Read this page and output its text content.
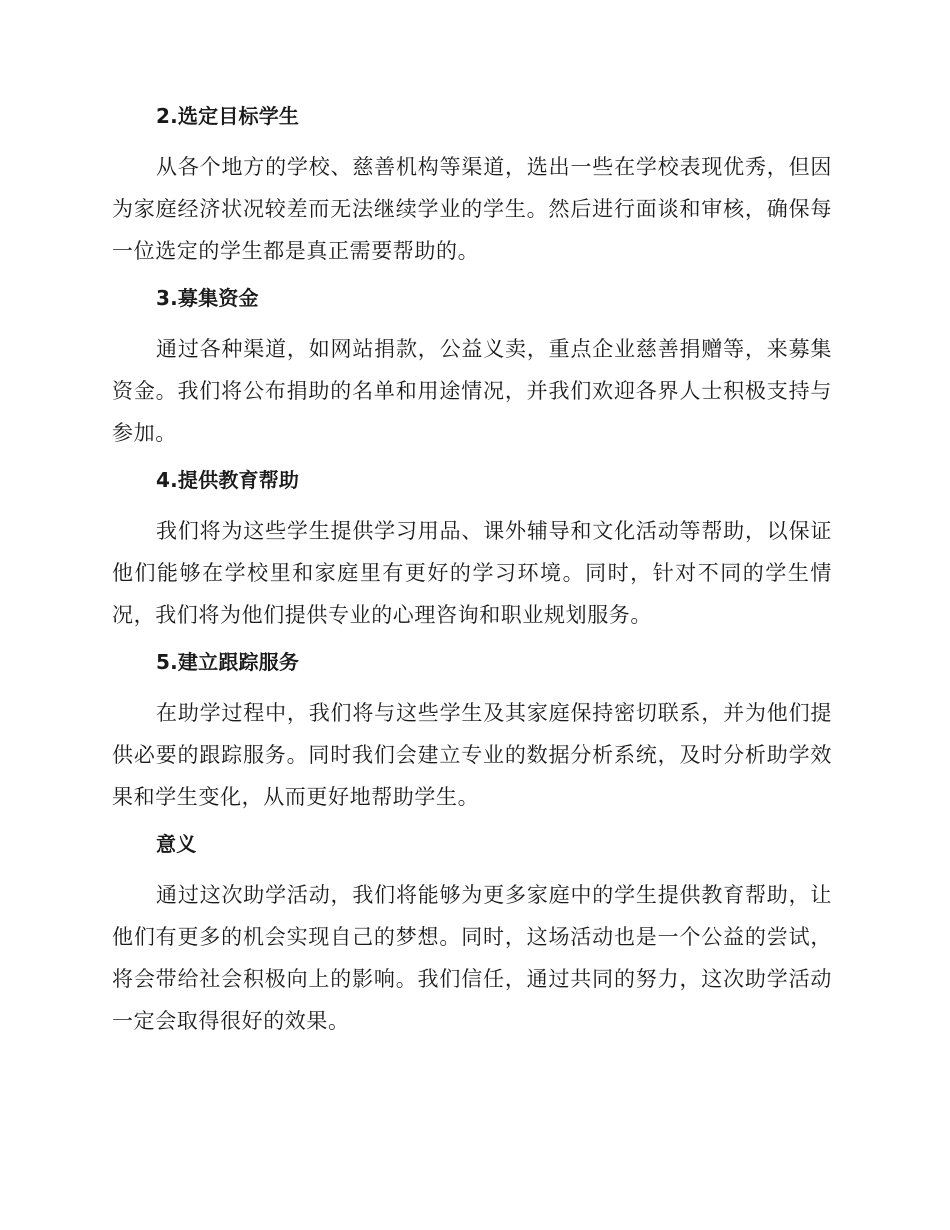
2.选定目标学生

从各个地方的学校、慈善机构等渠道，选出一些在学校表现优秀，但因为家庭经济状况较差而无法继续学业的学生。然后进行面谈和审核，确保每一位选定的学生都是真正需要帮助的。

3.募集资金

通过各种渠道，如网站捐款，公益义卖，重点企业慈善捐赠等，来募集资金。我们将公布捐助的名单和用途情况，并我们欢迎各界人士积极支持与参加。

4.提供教育帮助

我们将为这些学生提供学习用品、课外辅导和文化活动等帮助，以保证他们能够在学校里和家庭里有更好的学习环境。同时，针对不同的学生情况，我们将为他们提供专业的心理咨询和职业规划服务。

5.建立跟踪服务

在助学过程中，我们将与这些学生及其家庭保持密切联系，并为他们提供必要的跟踪服务。同时我们会建立专业的数据分析系统，及时分析助学效果和学生变化，从而更好地帮助学生。

意义

通过这次助学活动，我们将能够为更多家庭中的学生提供教育帮助，让他们有更多的机会实现自己的梦想。同时，这场活动也是一个公益的尝试，将会带给社会积极向上的影响。我们信任，通过共同的努力，这次助学活动一定会取得很好的效果。
